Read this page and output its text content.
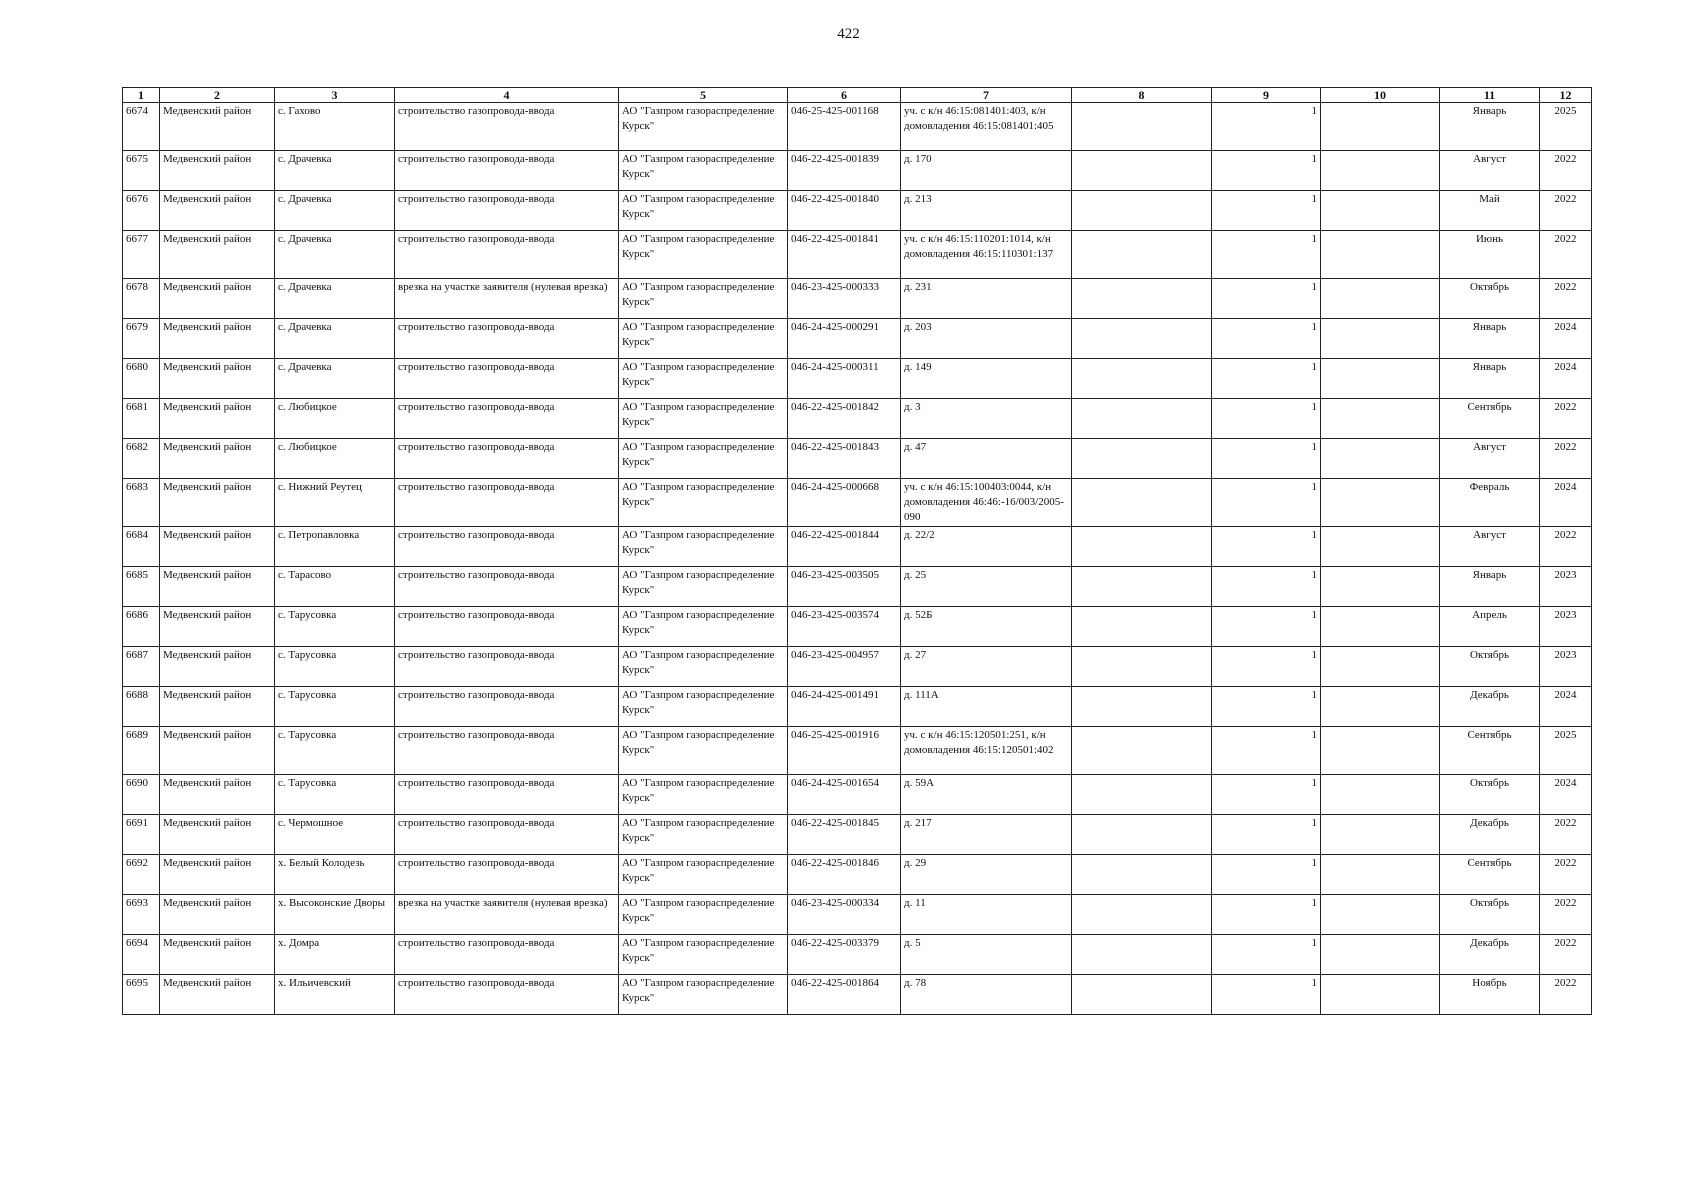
422
1	2	3	4	5	6	7	8	9	10	11	12
6674	Медвенский район	с. Гахово	строительство газопровода-ввода	АО "Газпром газораспределение Курск"	046-25-425-001168	уч. с к/н 46:15:081401:403, к/н домовладения 46:15:081401:405		1		Январь	2025
6675	Медвенский район	с. Драчевка	строительство газопровода-ввода	АО "Газпром газораспределение Курск"	046-22-425-001839	д. 170		1		Август	2022
6676	Медвенский район	с. Драчевка	строительство газопровода-ввода	АО "Газпром газораспределение Курск"	046-22-425-001840	д. 213		1		Май	2022
6677	Медвенский район	с. Драчевка	строительство газопровода-ввода	АО "Газпром газораспределение Курск"	046-22-425-001841	уч. с к/н 46:15:110201:1014, к/н домовладения 46:15:110301:137		1		Июнь	2022
6678	Медвенский район	с. Драчевка	врезка на участке заявителя (нулевая врезка)	АО "Газпром газораспределение Курск"	046-23-425-000333	д. 231		1		Октябрь	2022
6679	Медвенский район	с. Драчевка	строительство газопровода-ввода	АО "Газпром газораспределение Курск"	046-24-425-000291	д. 203		1		Январь	2024
6680	Медвенский район	с. Драчевка	строительство газопровода-ввода	АО "Газпром газораспределение Курск"	046-24-425-000311	д. 149		1		Январь	2024
6681	Медвенский район	с. Любицкое	строительство газопровода-ввода	АО "Газпром газораспределение Курск"	046-22-425-001842	д. 3		1		Сентябрь	2022
6682	Медвенский район	с. Любицкое	строительство газопровода-ввода	АО "Газпром газораспределение Курск"	046-22-425-001843	д. 47		1		Август	2022
6683	Медвенский район	с. Нижний Реутец	строительство газопровода-ввода	АО "Газпром газораспределение Курск"	046-24-425-000668	уч. с к/н 46:15:100403:0044, к/н домовладения 46:46:-16/003/2005-090		1		Февраль	2024
6684	Медвенский район	с. Петропавловка	строительство газопровода-ввода	АО "Газпром газораспределение Курск"	046-22-425-001844	д. 22/2		1		Август	2022
6685	Медвенский район	с. Тарасово	строительство газопровода-ввода	АО "Газпром газораспределение Курск"	046-23-425-003505	д. 25		1		Январь	2023
6686	Медвенский район	с. Тарусовка	строительство газопровода-ввода	АО "Газпром газораспределение Курск"	046-23-425-003574	д. 52Б		1		Апрель	2023
6687	Медвенский район	с. Тарусовка	строительство газопровода-ввода	АО "Газпром газораспределение Курск"	046-23-425-004957	д. 27		1		Октябрь	2023
6688	Медвенский район	с. Тарусовка	строительство газопровода-ввода	АО "Газпром газораспределение Курск"	046-24-425-001491	д. 111А		1		Декабрь	2024
6689	Медвенский район	с. Тарусовка	строительство газопровода-ввода	АО "Газпром газораспределение Курск"	046-25-425-001916	уч. с к/н 46:15:120501:251, к/н домовладения 46:15:120501:402		1		Сентябрь	2025
6690	Медвенский район	с. Тарусовка	строительство газопровода-ввода	АО "Газпром газораспределение Курск"	046-24-425-001654	д. 59А		1		Октябрь	2024
6691	Медвенский район	с. Чермошное	строительство газопровода-ввода	АО "Газпром газораспределение Курск"	046-22-425-001845	д. 217		1		Декабрь	2022
6692	Медвенский район	х. Белый Колодезь	строительство газопровода-ввода	АО "Газпром газораспределение Курск"	046-22-425-001846	д. 29		1		Сентябрь	2022
6693	Медвенский район	х. Высоконские Дворы	врезка на участке заявителя (нулевая врезка)	АО "Газпром газораспределение Курск"	046-23-425-000334	д. 11		1		Октябрь	2022
6694	Медвенский район	х. Домра	строительство газопровода-ввода	АО "Газпром газораспределение Курск"	046-22-425-003379	д. 5		1		Декабрь	2022
6695	Медвенский район	х. Ильичевский	строительство газопровода-ввода	АО "Газпром газораспределение Курск"	046-22-425-001864	д. 78		1		Ноябрь	2022
